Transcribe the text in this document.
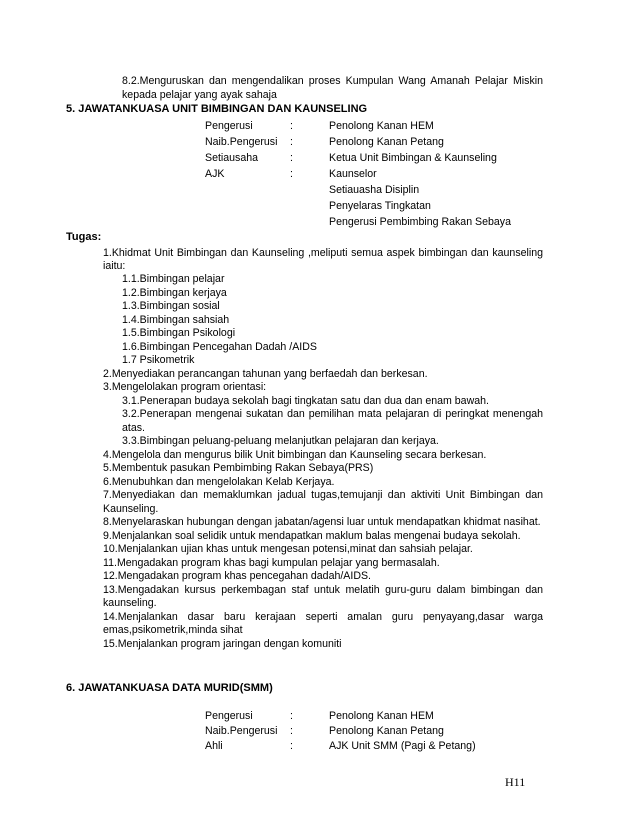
8.2.Menguruskan dan mengendalikan proses Kumpulan Wang Amanah Pelajar Miskin
kepada pelajar yang ayak sahaja
5. JAWATANKUASA UNIT BIMBINGAN DAN KAUNSELING
Pengerusi	:	Penolong Kanan HEM
Naib.Pengerusi :	Penolong Kanan Petang
Setiausaha	:	Ketua Unit Bimbingan & Kaunseling
AJK	:	Kaunselor
Setiauasha Disiplin
Penyelaras Tingkatan
Pengerusi Pembimbing Rakan Sebaya
Tugas:
1.Khidmat Unit Bimbingan dan Kaunseling ,meliputi semua aspek bimbingan dan kaunseling
iaitu:
1.1.Bimbingan pelajar
1.2.Bimbingan kerjaya
1.3.Bimbingan sosial
1.4.Bimbingan sahsiah
1.5.Bimbingan Psikologi
1.6.Bimbingan Pencegahan Dadah /AIDS
1.7 Psikometrik
2.Menyediakan perancangan tahunan yang berfaedah dan berkesan.
3.Mengelolakan program orientasi:
3.1.Penerapan budaya sekolah bagi tingkatan satu dan dua dan enam bawah.
3.2.Penerapan mengenai sukatan dan pemilihan mata pelajaran di peringkat menengah
atas.
3.3.Bimbingan peluang-peluang melanjutkan pelajaran dan kerjaya.
4.Mengelola dan mengurus bilik Unit bimbingan dan Kaunseling secara berkesan.
5.Membentuk pasukan Pembimbing Rakan Sebaya(PRS)
6.Menubuhkan dan mengelolakan Kelab Kerjaya.
7.Menyediakan dan memaklumkan jadual tugas,temujanji dan aktiviti Unit Bimbingan dan
Kaunseling.
8.Menyelaraskan hubungan dengan jabatan/agensi luar untuk mendapatkan khidmat nasihat.
9.Menjalankan soal selidik untuk mendapatkan maklum balas mengenai budaya sekolah.
10.Menjalankan ujian khas untuk mengesan potensi,minat dan sahsiah pelajar.
11.Mengadakan program khas bagi kumpulan pelajar yang bermasalah.
12.Mengadakan program khas pencegahan dadah/AIDS.
13.Mengadakan kursus perkembagan staf untuk melatih guru-guru dalam bimbingan dan
kaunseling.
14.Menjalankan dasar baru kerajaan seperti amalan guru penyayang,dasar warga
emas,psikometrik,minda sihat
15.Menjalankan program jaringan dengan komuniti
6. JAWATANKUASA DATA MURID(SMM)
Pengerusi	:	Penolong Kanan HEM
Naib.Pengerusi :	Penolong Kanan Petang
Ahli	:	AJK Unit SMM (Pagi & Petang)
H11
